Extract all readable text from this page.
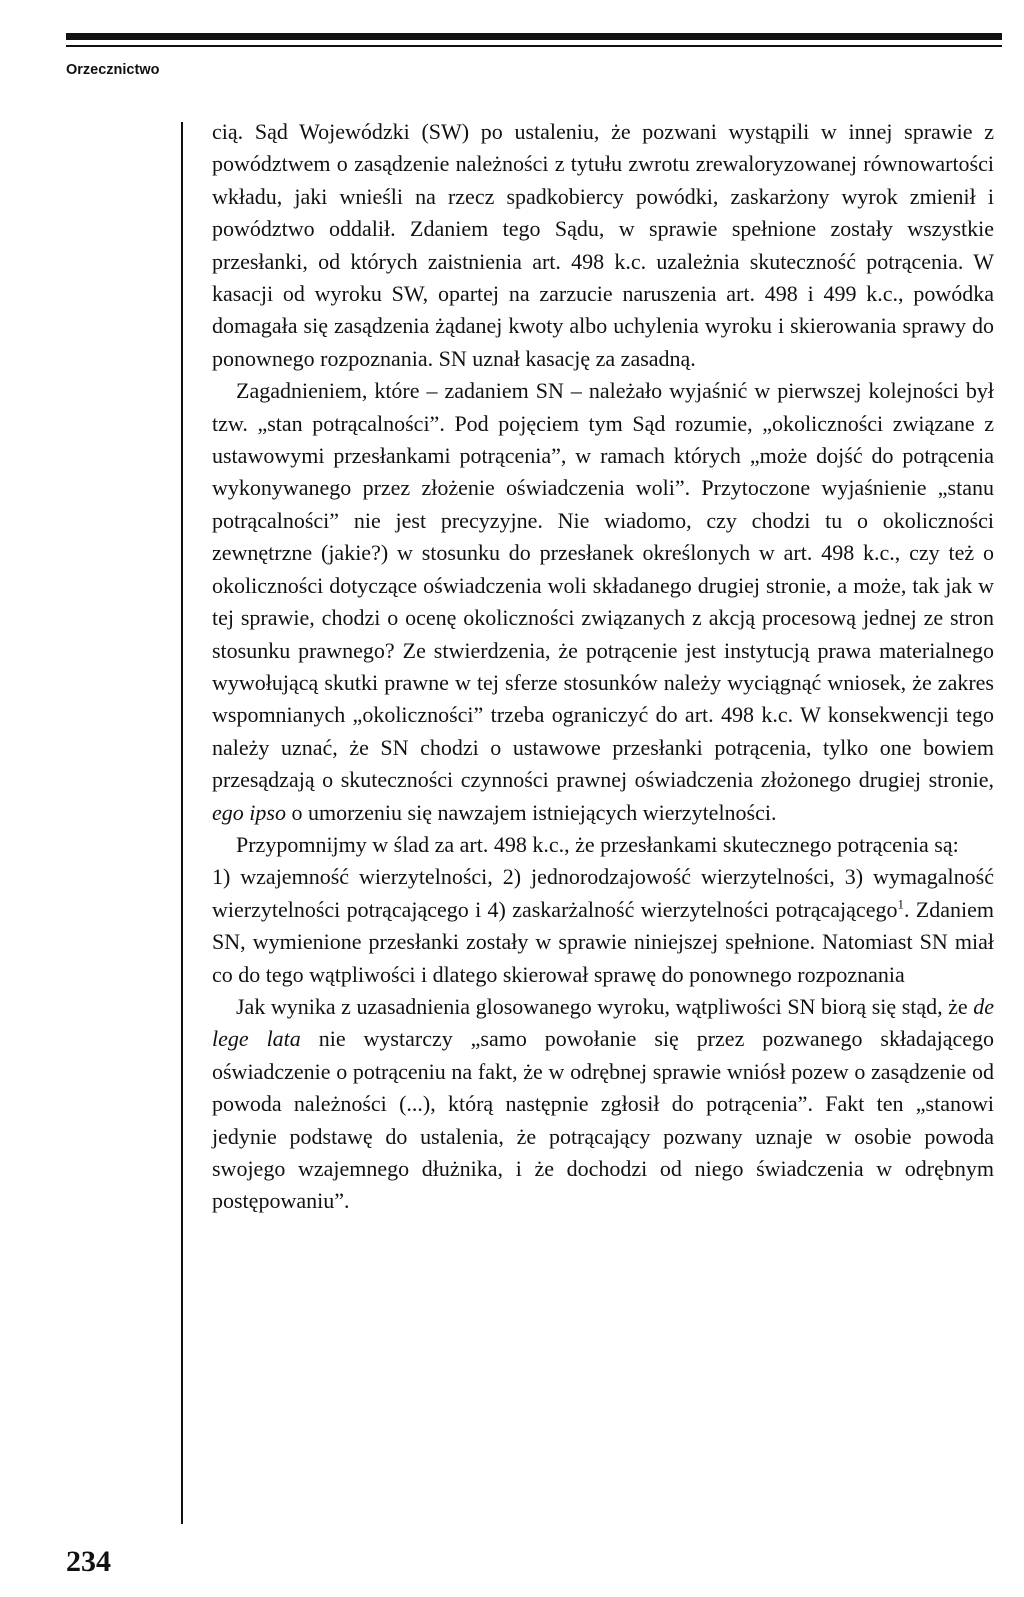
Orzecznictwo

cią. Sąd Wojewódzki (SW) po ustaleniu, że pozwani wystąpili w innej sprawie z powództwem o zasądzenie należności z tytułu zwrotu zrewaloryzowanej równowartości wkładu, jaki wnieśli na rzecz spadkobiercy powódki, zaskarżony wyrok zmienił i powództwo oddalił. Zdaniem tego Sądu, w sprawie spełnione zostały wszystkie przesłanki, od których zaistnienia art. 498 k.c. uzależnia skuteczność potrącenia. W kasacji od wyroku SW, opartej na zarzucie naruszenia art. 498 i 499 k.c., powódka domagała się zasądzenia żądanej kwoty albo uchylenia wyroku i skierowania sprawy do ponownego rozpoznania. SN uznał kasację za zasadną.

Zagadnieniem, które – zadaniem SN – należało wyjaśnić w pierwszej kolejności był tzw. „stan potrącalności”. Pod pojęciem tym Sąd rozumie, „okoliczności związane z ustawowymi przesłankami potrącenia”, w ramach których „może dojść do potrącenia wykonywanego przez złożenie oświadczenia woli”. Przytoczone wyjaśnienie „stanu potrącalności” nie jest precyzyjne. Nie wiadomo, czy chodzi tu o okoliczności zewnętrzne (jakie?) w stosunku do przesłanek określonych w art. 498 k.c., czy też o okoliczności dotyczące oświadczenia woli składanego drugiej stronie, a może, tak jak w tej sprawie, chodzi o ocenę okoliczności związanych z akcją procesową jednej ze stron stosunku prawnego? Ze stwierdzenia, że potrącenie jest instytucją prawa materialnego wywołującą skutki prawne w tej sferze stosunków należy wyciągnąć wniosek, że zakres wspomnianych „okoliczności” trzeba ograniczyć do art. 498 k.c. W konsekwencji tego należy uznać, że SN chodzi o ustawowe przesłanki potrącenia, tylko one bowiem przesądzają o skuteczności czynności prawnej oświadczenia złożonego drugiej stronie, ego ipso o umorzeniu się nawzajem istniejących wierzytelności.

Przypomnijmy w ślad za art. 498 k.c., że przesłankami skutecznego potrącenia są:

1) wzajemność wierzytelności, 2) jednorodzajowość wierzytelności, 3) wymagalność wierzytelności potrącającego i 4) zaskarżalność wierzytelności potrącającego$^1$. Zdaniem SN, wymienione przesłanki zostały w sprawie niniejszej spełnione. Natomiast SN miał co do tego wątpliwości i dlatego skierował sprawę do ponownego rozpoznania

Jak wynika z uzasadnienia glosowanego wyroku, wątpliwości SN biorą się stąd, że de lege lata nie wystarczy „samo powołanie się przez pozwanego składającego oświadczenie o potrąceniu na fakt, że w odrębnej sprawie wniósł pozew o zasądzenie od powoda należności (...), którą następnie zgłosił do potrącenia”. Fakt ten „stanowi jedynie podstawę do ustalenia, że potrącający pozwany uznaje w osobie powoda swojego wzajemnego dłużnika, i że dochodzi od niego świadczenia w odrębnym postępowaniu”.

234
